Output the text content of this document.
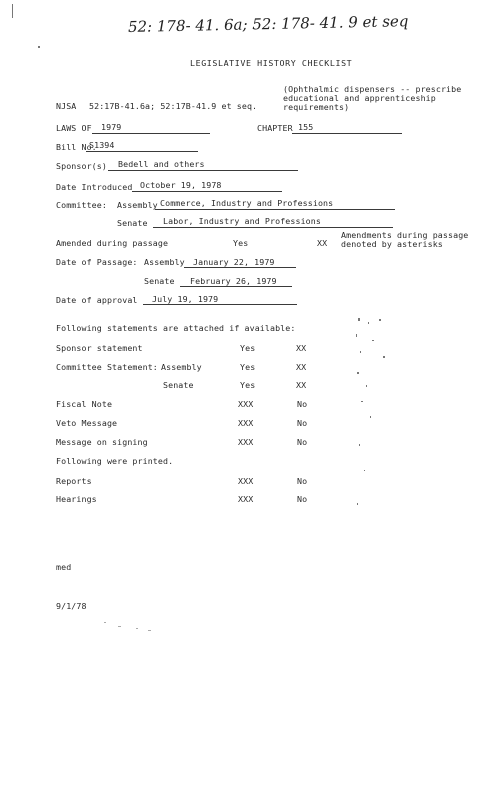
52: 178- 41. 6a; 52: 178- 41. 9 et seq
LEGISLATIVE HISTORY CHECKLIST
(Ophthalmic dispensers -- prescribe
educational and apprenticeship
requirements)
NJSA 52:17B-41.6a; 52:17B-41.9 et seq.
LAWS OF 1979	CHAPTER 155
Bill No.
S1394
Sponsor(s) Bedell and others
Date Introduced October 19, 1978
Committee: Assembly Commerce, Industry and Professions
Senate Labor, Industry and Professions
Amended during passage	Yes	XX
Amendments during passage
denoted by asterisks
Date of Passage: Assembly January 22, 1979
Senate February 26, 1979
Date of approval July 19, 1979
Following statements are attached if available:
Sponsor statement	Yes	XX
Committee Statement: Assembly	Yes	XX
Senate	Yes	XX
Fiscal Note	XXX	No
Veto Message	XXX	No
Message on signing	XXX	No
Following were printed.
Reports	XXX	No
Hearings	XXX	No
med
9/1/78
